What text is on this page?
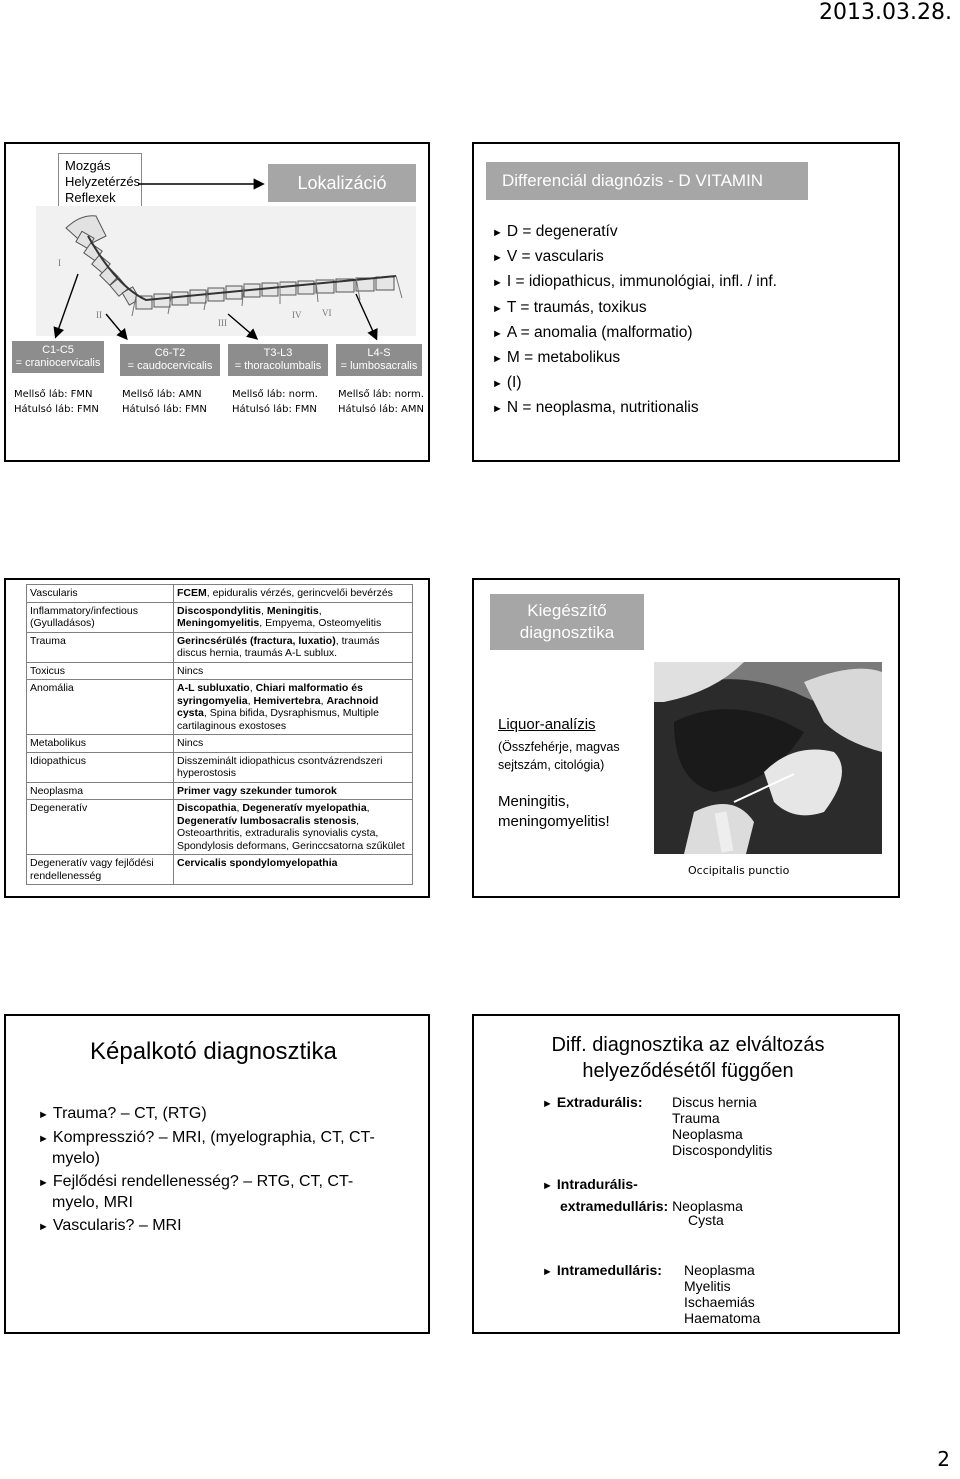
2013.03.28.
2
Mozgás
Helyzetérzés
Reflexek
Lokalizáció
I
II
III
IV VI
C1-C5
= craniocervicalis
C6-T2
= caudocervicalis
T3-L3
= thoracolumbalis
L4-S
= lumbosacralis
Mellső láb: FMN
Hátulsó láb: FMN
Mellső láb: AMN
Hátulsó láb: FMN
Mellső láb: norm.
Hátulsó láb: FMN
Mellső láb: norm.
Hátulsó láb: AMN
Differenciál diagnózis - D VITAMIN
► D = degeneratív
► V = vascularis
► I = idiopathicus, immunológiai, infl. / inf.
► T = traumás, toxikus
► A = anomalia (malformatio)
► M = metabolikus
► (I)
► N = neoplasma, nutritionalis
Vascularis	FCEM, epiduralis vérzés, gerincvelői bevérzés
Inflammatory/infectious (Gyulladásos)	Discospondylitis, Meningitis, Meningomyelitis, Empyema, Osteomyelitis
Trauma	Gerincsérülés (fractura, luxatio), traumás discus hernia, traumás A-L sublux.
Toxicus	Nincs
Anomália	A-L subluxatio, Chiari malformatio és syringomyelia, Hemivertebra, Arachnoid cysta, Spina bifida, Dysraphismus, Multiple cartilaginous exostoses
Metabolikus	Nincs
Idiopathicus	Disszeminált idiopathicus csontvázrendszeri hyperostosis
Neoplasma	Primer vagy szekunder tumorok
Degeneratív	Discopathia, Degeneratív myelopathia, Degeneratív lumbosacralis stenosis, Osteoarthritis, extraduralis synovialis cysta, Spondylosis deformans, Gerinccsatorna szűkület
Degeneratív vagy fejlődési rendellenesség	Cervicalis spondylomyelopathia
Kiegészítő
diagnosztika
Liquor-analízis
(Összfehérje, magvas
sejtszám, citológia)
Meningitis,
meningomyelitis!
Occipitalis punctio
Képalkotó diagnosztika
► Trauma? – CT, (RTG)
► Kompresszió? – MRI, (myelographia, CT, CT-
myelo)
► Fejlődési rendellenesség? – RTG, CT, CT-
myelo, MRI
► Vascularis? – MRI
Diff. diagnosztika az elváltozás
helyeződésétől függően
► Extradurális: Discus hernia
Trauma
Neoplasma
Discospondylitis
► Intradurális-
extramedulláris: Neoplasma
Cysta
► Intramedulláris: Neoplasma
Myelitis
Ischaemiás
Haematoma
